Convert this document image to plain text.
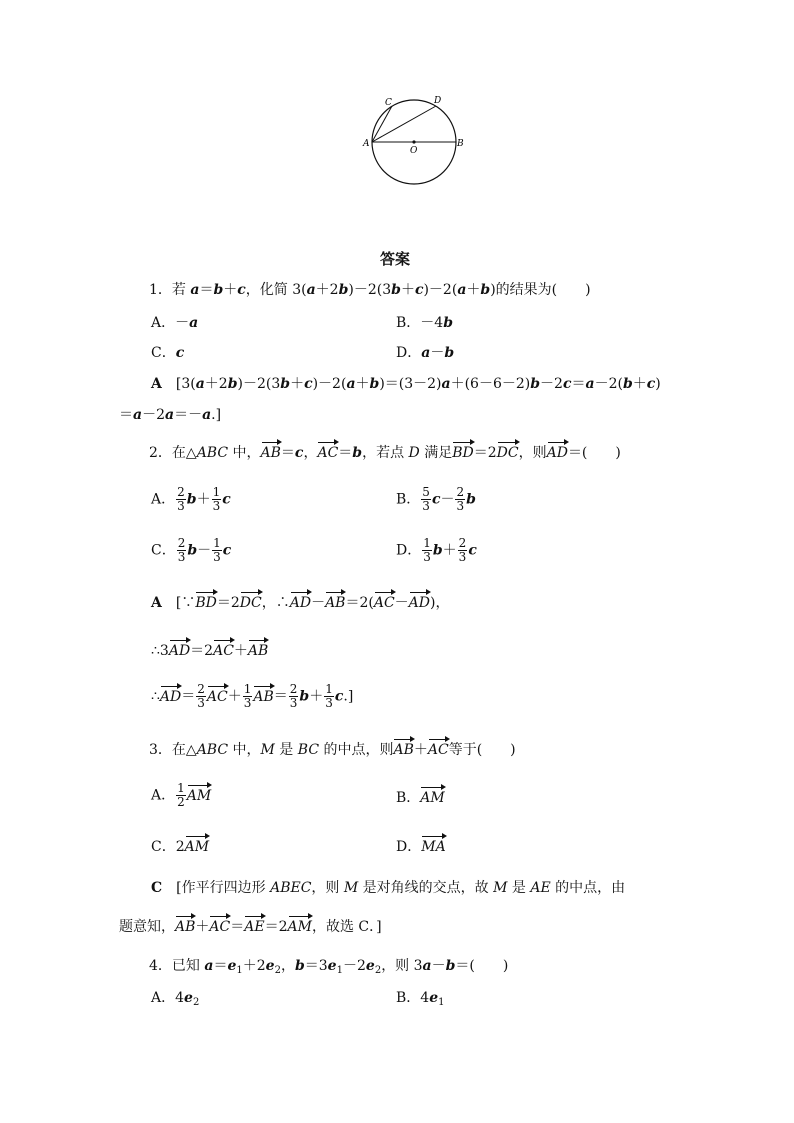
C	D
A
O
B
答案
1．若 a＝b＋c，化简 3(a＋2b)－2(3b＋c)－2(a＋b)的结果为(　　)
A．－a	B．－4b
C．c	D．a－b
A　[3(a＋2b)－2(3b＋c)－2(a＋b)＝(3－2)a＋(6－6－2)b－2c＝a－2(b＋c)
＝a－2a＝－a.]
2．在△ABC 中，AB＝c，AC＝b，若点 D 满足BD＝2DC，则AD＝(　　)
A． $\frac{2}{3} b+ \frac{1}{3}$ c	B． $\frac{5}{3} c- \frac{2}{3}$ b
C． $\frac{2}{3} b- \frac{1}{3}$ c	D． $\frac{1}{3} b+ \frac{2}{3}$ c
A　[∵BD＝2DC，∴AD－AB＝2(AC－AD)，
∴3AD＝2AC＋AB
∴AD＝ $\frac{2}{3} AC+ \frac{1}{3} AB= \frac{2}{3} b+ \frac{1}{3} c$.]
3．在△ABC 中，M 是 BC 的中点，则AB＋AC等于(　　)
A． $\frac{1}{2}$ AM	B．AM
C．2AM	D．MA
C　[作平行四边形 ABEC，则 M 是对角线的交点，故 M 是 AE 的中点，由
题意知，AB＋AC＝AE＝2AM，故选 C．]
4．已知 $a=e_1+2e_2$，$b=3e_1-2e_2$，则 3a－b＝(　　)
A．$4e_2$	B．$4e_1$
